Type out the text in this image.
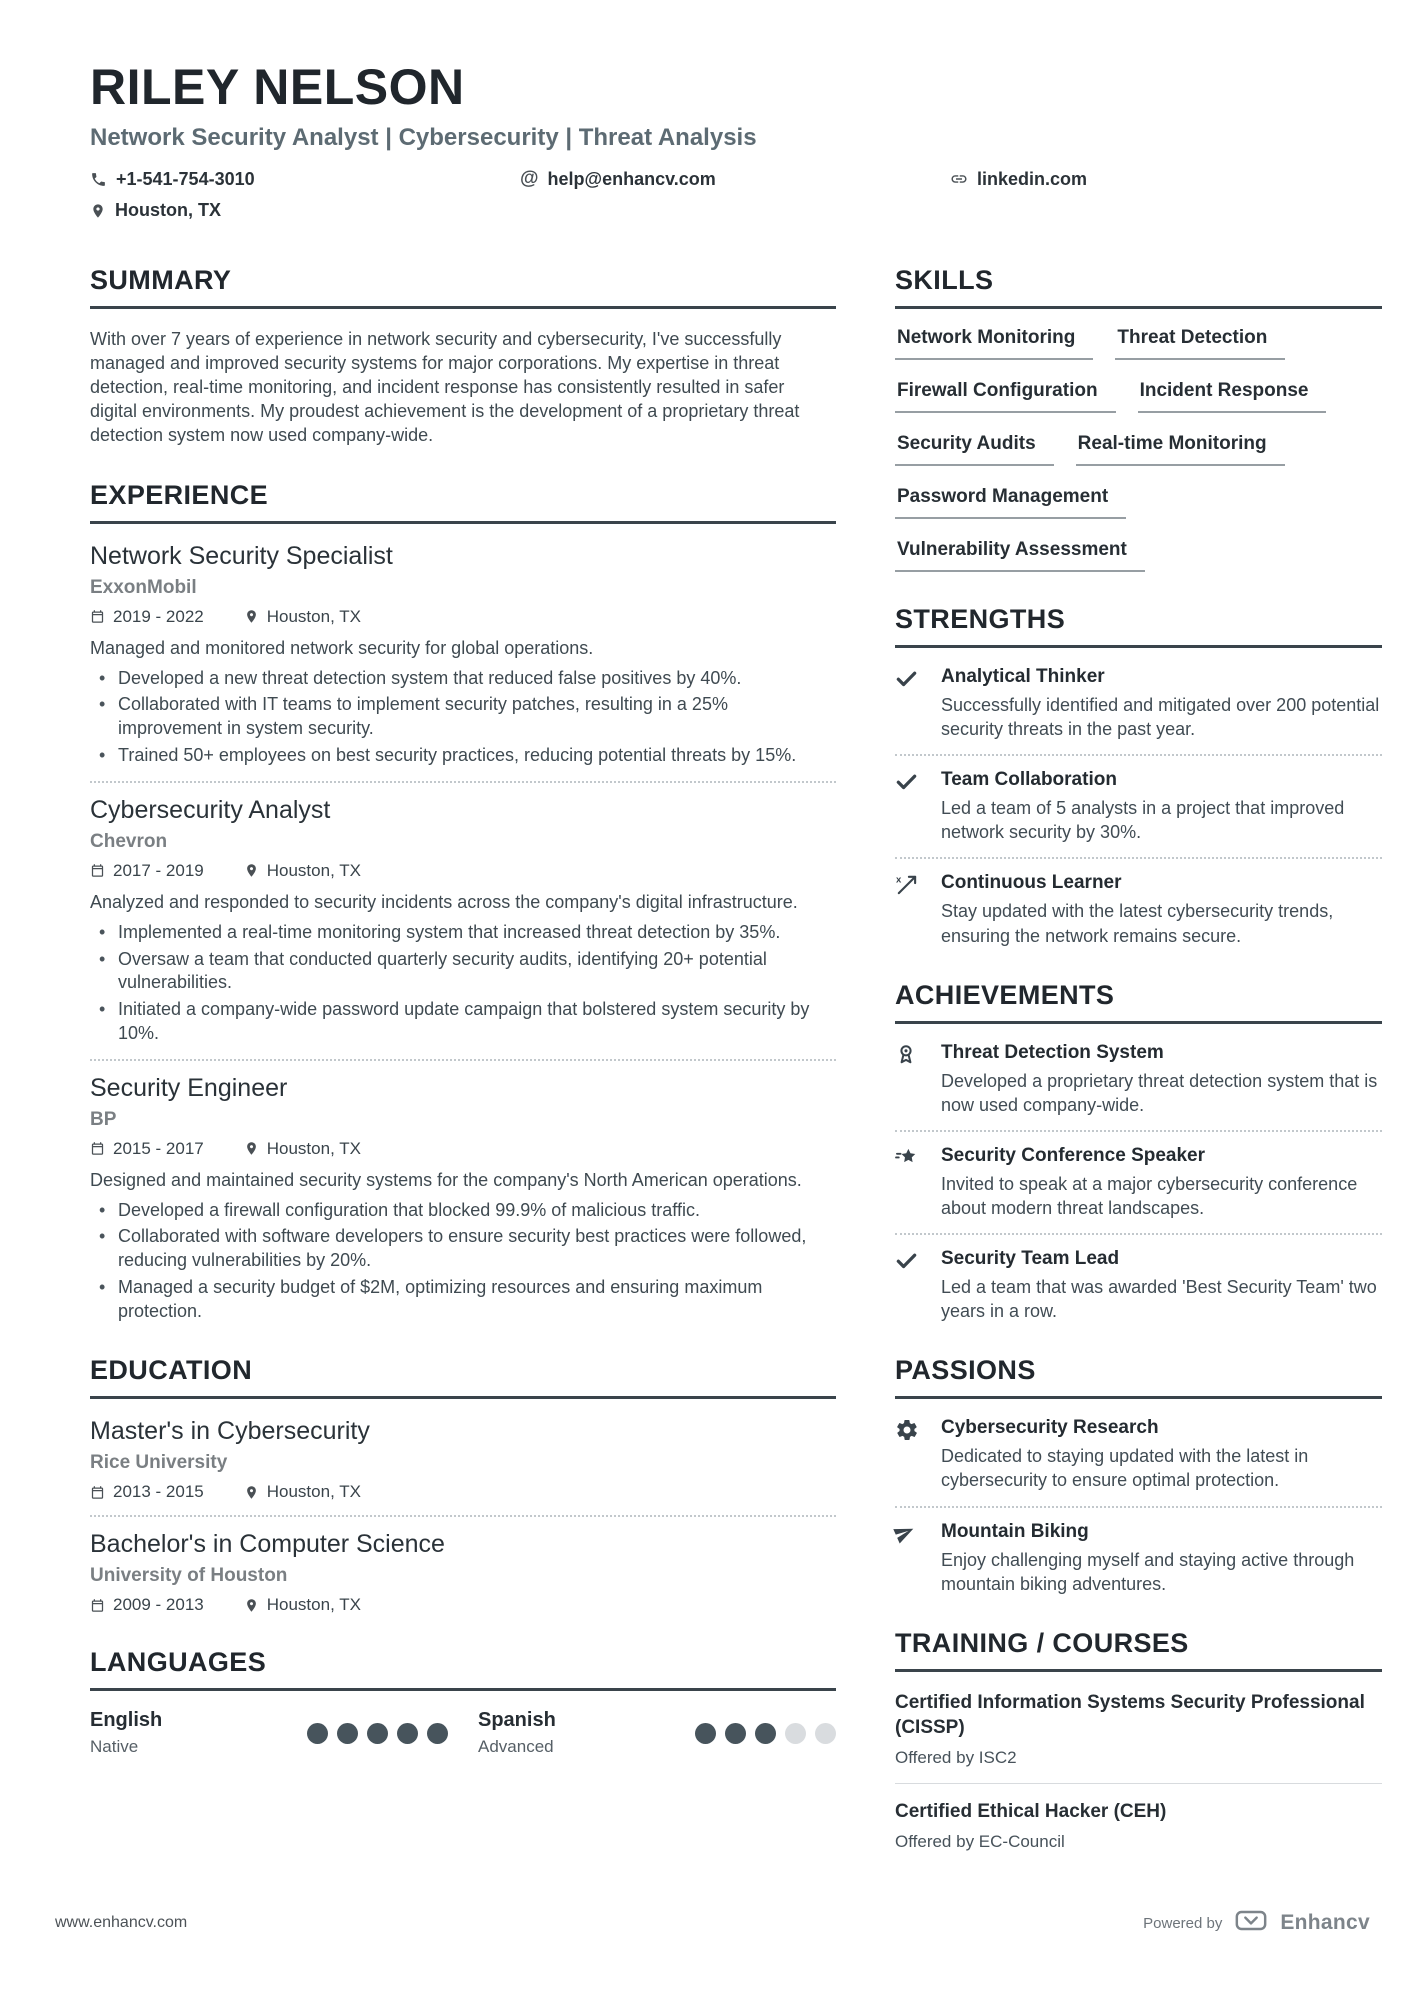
RILEY NELSON
Network Security Analyst | Cybersecurity | Threat Analysis
+1-541-754-3010	@ help@enhancv.com	linkedin.com
Houston, TX
SUMMARY

With over 7 years of experience in network security and cybersecurity, I've successfully managed and improved security systems for major corporations. My expertise in threat detection, real-time monitoring, and incident response has consistently resulted in safer digital environments. My proudest achievement is the development of a proprietary threat detection system now used company-wide.

EXPERIENCE
Network Security Specialist
ExxonMobil
2019 - 2022	Houston, TX
Managed and monitored network security for global operations.
• Developed a new threat detection system that reduced false positives by 40%.
• Collaborated with IT teams to implement security patches, resulting in a 25% improvement in system security.
• Trained 50+ employees on best security practices, reducing potential threats by 15%.
Cybersecurity Analyst
Chevron
2017 - 2019	Houston, TX
Analyzed and responded to security incidents across the company's digital infrastructure.
• Implemented a real-time monitoring system that increased threat detection by 35%.
• Oversaw a team that conducted quarterly security audits, identifying 20+ potential vulnerabilities.
• Initiated a company-wide password update campaign that bolstered system security by 10%.
Security Engineer
BP
2015 - 2017	Houston, TX
Designed and maintained security systems for the company's North American operations.
• Developed a firewall configuration that blocked 99.9% of malicious traffic.
• Collaborated with software developers to ensure security best practices were followed, reducing vulnerabilities by 20%.
• Managed a security budget of $2M, optimizing resources and ensuring maximum protection.
EDUCATION
Master's in Cybersecurity
Rice University
2013 - 2015	Houston, TX
Bachelor's in Computer Science
University of Houston
2009 - 2013	Houston, TX
LANGUAGES
English
Native
Spanish
Advanced
SKILLS
Network Monitoring	Threat Detection
Firewall Configuration	Incident Response
Security Audits	Real-time Monitoring
Password Management
Vulnerability Assessment
STRENGTHS
Analytical Thinker
Successfully identified and mitigated over 200 potential security threats in the past year.
Team Collaboration
Led a team of 5 analysts in a project that improved network security by 30%.
x Continuous Learner
Stay updated with the latest cybersecurity trends, ensuring the network remains secure.
ACHIEVEMENTS
Threat Detection System
Developed a proprietary threat detection system that is now used company-wide.
Security Conference Speaker
Invited to speak at a major cybersecurity conference about modern threat landscapes.
Security Team Lead
Led a team that was awarded 'Best Security Team' two years in a row.
PASSIONS
Cybersecurity Research
Dedicated to staying updated with the latest in cybersecurity to ensure optimal protection.
Mountain Biking
Enjoy challenging myself and staying active through mountain biking adventures.
TRAINING / COURSES
Certified Information Systems Security Professional (CISSP)
Offered by ISC2
Certified Ethical Hacker (CEH)
Offered by EC-Council
www.enhancv.com	Powered by	Enhancv
